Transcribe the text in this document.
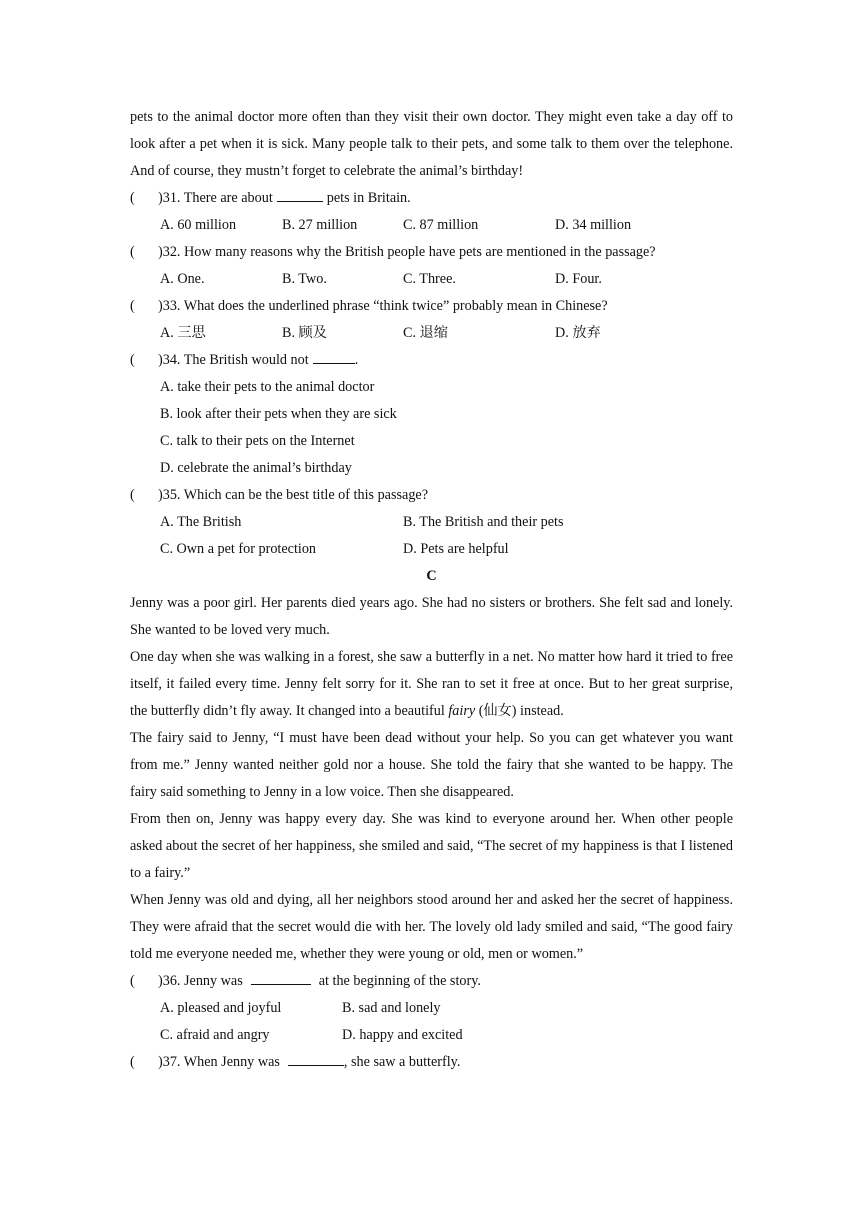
pets to the animal doctor more often than they visit their own doctor. They might even take a day off to look after a pet when it is sick. Many people talk to their pets, and some talk to them over the telephone. And of course, they mustn’t forget to celebrate the animal’s birthday!

( )31. There are about	pets in Britain.
A. 60 million	B. 27 million	C. 87 million	D. 34 million
( )32. How many reasons why the British people have pets are mentioned in the passage?
A. One.	B. Two.	C. Three.	D. Four.
( )33. What does the underlined phrase “think twice” probably mean in Chinese?
A. 三思	B. 顾及	C. 退缩	D. 放弃
( )34. The British would not	.
A. take their pets to the animal doctor
B. look after their pets when they are sick
C. talk to their pets on the Internet
D. celebrate the animal’s birthday
( )35. Which can be the best title of this passage?
A. The British	B. The British and their pets
C. Own a pet for protection	D. Pets are helpful
C

Jenny was a poor girl. Her parents died years ago. She had no sisters or brothers. She felt sad and lonely. She wanted to be loved very much.

One day when she was walking in a forest, she saw a butterfly in a net. No matter how hard it tried to free itself, it failed every time. Jenny felt sorry for it. She ran to set it free at once. But to her great surprise, the butterfly didn’t fly away. It changed into a beautiful fairy (仙女) instead.

The fairy said to Jenny, “I must have been dead without your help. So you can get whatever you want from me.” Jenny wanted neither gold nor a house. She told the fairy that she wanted to be happy. The fairy said something to Jenny in a low voice. Then she disappeared.

From then on, Jenny was happy every day. She was kind to everyone around her. When other people asked about the secret of her happiness, she smiled and said, “The secret of my happiness is that I listened to a fairy.”

When Jenny was old and dying, all her neighbors stood around her and asked her the secret of happiness. They were afraid that the secret would die with her. The lovely old lady smiled and said, “The good fairy told me everyone needed me, whether they were young or old, men or women.”

( )36. Jenny was	at the beginning of the story.
A. pleased and joyful	B. sad and lonely
C. afraid and angry	D. happy and excited
( )37. When Jenny was	, she saw a butterfly.
